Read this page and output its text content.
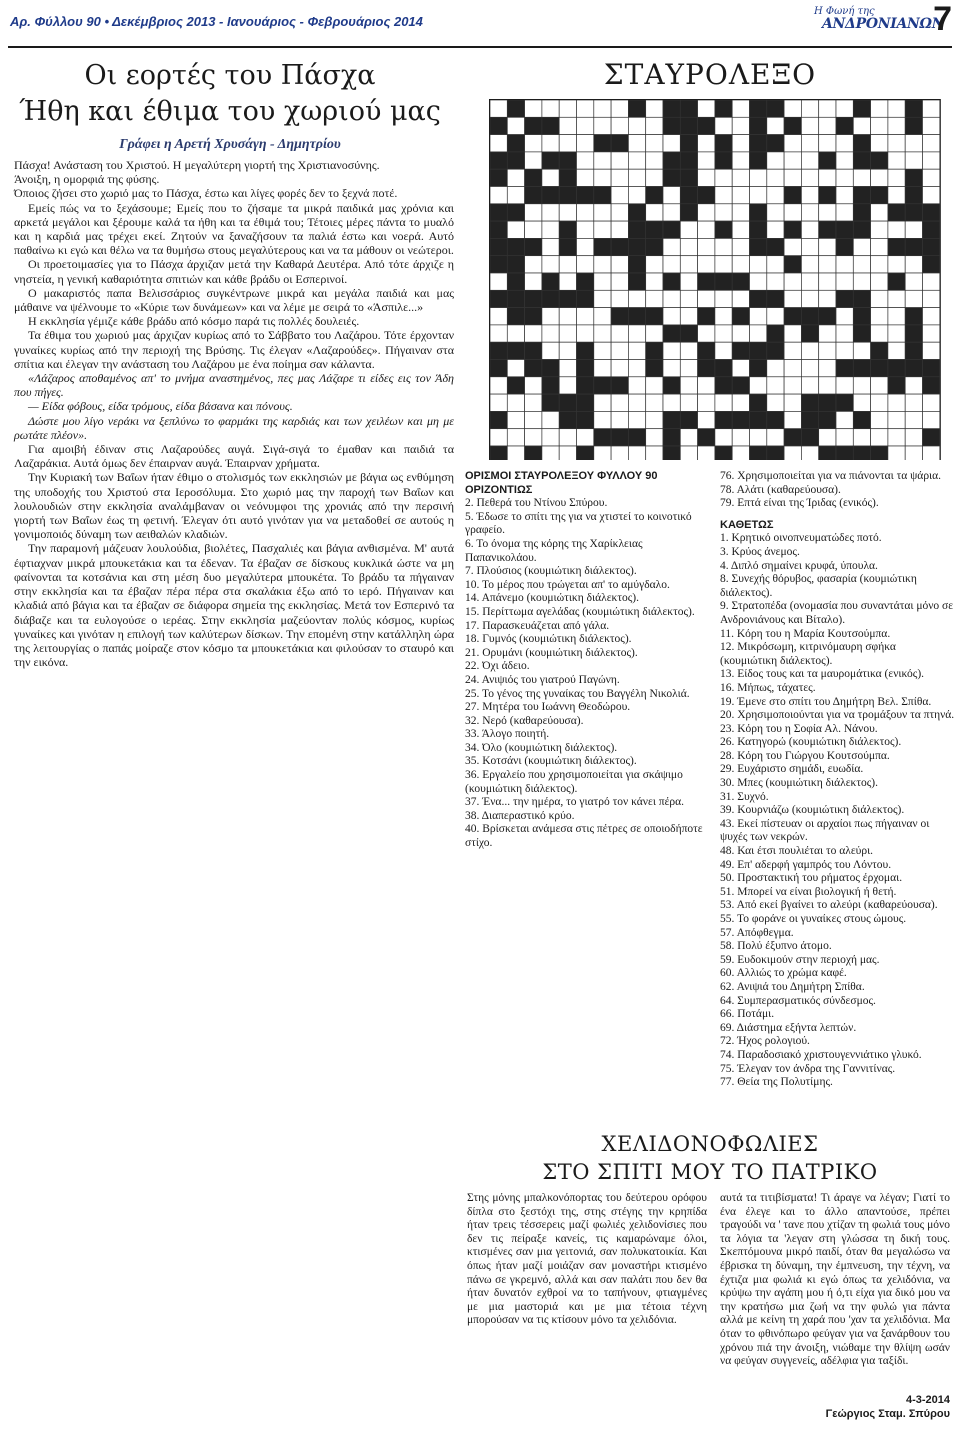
Αρ. Φύλλου 90 • Δεκέμβριος 2013 - Ιανουάριος - Φεβρουάριος 2014
Η Φωνή της
ΑΝΔΡΟΝΙΑΝΩΝ
7
Οι εορτές του Πάσχα
Ήθη και έθιμα του χωριού μας
Γράφει η Αρετή Χρυσάγη - Δημητρίου

Πάσχα! Ανάσταση του Χριστού. Η μεγαλύτερη γιορτή της Χριστιανοσύνης.

Άνοιξη, η ομορφιά της φύσης.

Όποιος ζήσει στο χωριό μας το Πάσχα, έστω και λίγες φορές δεν το ξεχνά ποτέ.

Εμείς πώς να το ξεχάσουμε; Εμείς που το ζήσαμε τα μικρά παιδικά μας χρόνια και αρκετά μεγάλοι και ξέρουμε καλά τα ήθη και τα έθιμά του; Τέτοιες μέρες πάντα το μυαλό και η καρδιά μας τρέχει εκεί. Ζητούν να ξαναζήσουν τα παλιά έστω και νοερά. Αυτό παθαίνω κι εγώ και θέλω να τα θυμήσω στους μεγαλύτερους και να τα μάθουν οι νεώτεροι.

Οι προετοιμασίες για το Πάσχα άρχιζαν μετά την Καθαρά Δευτέρα. Από τότε άρχιζε η νηστεία, η γενική καθαριότητα σπιτιών και κάθε βράδυ οι Εσπερινοί.

Ο μακαριστός παπα Βελισσάριος συγκέντρωνε μικρά και μεγάλα παιδιά και μας μάθαινε να ψέλνουμε το «Κύριε των δυνάμεων» και να λέμε με σειρά το «Άσπιλε...»

Η εκκλησία γέμιζε κάθε βράδυ από κόσμο παρά τις πολλές δουλειές.

Τα έθιμα του χωριού μας άρχιζαν κυρίως από το Σάββατο του Λαζάρου. Τότε έρχονταν γυναίκες κυρίως από την περιοχή της Βρύσης. Τις έλεγαν «Λαζαρούδες». Πήγαιναν στα σπίτια και έλεγαν την ανάσταση του Λαζάρου με ένα ποίημα σαν κάλαντα.

«Λάζαρος αποθαμένος απ' το μνήμα αναστημένος, πες μας Λάζαρε τι είδες εις τον Άδη που πήγες.

— Είδα φόβους, είδα τρόμους, είδα βάσανα και πόνους.

Δώστε μου λίγο νεράκι να ξεπλύνω το φαρμάκι της καρδιάς και των χειλέων και μη με ρωτάτε πλέον».

Για αμοιβή έδιναν στις Λαζαρούδες αυγά. Σιγά-σιγά το έμαθαν και παιδιά τα Λαζαράκια. Αυτά όμως δεν έπαιρναν αυγά. Έπαιρναν χρήματα.

Την Κυριακή των Βαΐων ήταν έθιμο ο στολισμός των εκκλησιών με βάγια ως ενθύμηση της υποδοχής του Χριστού στα Ιεροσόλυμα. Στο χωριό μας την παροχή των Βαΐων και λουλουδιών στην εκκλησία αναλάμβαναν οι νεόνυμφοι της χρονιάς από την περσινή γιορτή των Βαΐων έως τη φετινή. Έλεγαν ότι αυτό γινόταν για να μεταδοθεί σε αυτούς η γονιμοποιός δύναμη των αειθαλών κλαδιών.

Την παραμονή μάζευαν λουλούδια, βιολέτες, Πασχαλιές και βάγια ανθισμένα. Μ' αυτά έφτιαχναν μικρά μπουκετάκια και τα έδεναν. Τα έβαζαν σε δίσκους κυκλικά ώστε να μη φαίνονται τα κοτσάνια και στη μέση δυο μεγαλύτερα μπουκέτα. Το βράδυ τα πήγαιναν στην εκκλησία και τα έβαζαν πέρα πέρα στα σκαλάκια έξω από το ιερό. Πήγαιναν και κλαδιά από βάγια και τα έβαζαν σε διάφορα σημεία της εκκλησίας. Μετά τον Εσπερινό τα διάβαζε και τα ευλογούσε ο ιερέας. Στην εκκλησία μαζεύονταν πολύς κόσμος, κυρίως γυναίκες και γινόταν η επιλογή των καλύτερων δίσκων. Την επομένη στην κατάλληλη ώρα της λειτουργίας ο παπάς μοίραζε στον κόσμο τα μπουκετάκια και φιλούσαν το σταυρό και την εικόνα.

ΣΤΑΥΡΟΛΕΞΟ
ΟΡΙΣΜΟΙ ΣΤΑΥΡΟΛΕΞΟΥ ΦΥΛΛΟΥ 90
ΟΡΙΖΟΝΤΙΩΣ
2. Πεθερά του Ντίνου Σπύρου.
5. Έδωσε το σπίτι της για να χτιστεί το κοινοτικό γραφείο.
6. Το όνομα της κόρης της Χαρίκλειας Παπανικολάου.
7. Πλούσιος (κουμιώτικη διάλεκτος).
10. Το μέρος που τρώγεται απ' το αμύγδαλο.
14. Απάνεμο (κουμιώτικη διάλεκτος).
15. Περίττωμα αγελάδας (κουμιώτικη διάλεκτος).
17. Παρασκευάζεται από γάλα.
18. Γυμνός (κουμιώτικη διάλεκτος).
21. Ορυμάνι (κουμιώτικη διάλεκτος).
22. Όχι άδειο.
24. Ανιψιός του γιατρού Παγώνη.
25. Το γένος της γυναίκας του Βαγγέλη Νικολιά.
27. Μητέρα του Ιωάννη Θεοδώρου.
32. Νερό (καθαρεύουσα).
33. Άλογο ποιητή.
34. Όλο (κουμιώτικη διάλεκτος).
35. Κοτσάνι (κουμιώτικη διάλεκτος).
36. Εργαλείο που χρησιμοποιείται για σκάψιμο (κουμιώτικη διάλεκτος).
37. Ένα... την ημέρα, το γιατρό τον κάνει πέρα.
38. Διαπεραστικό κρύο.
40. Βρίσκεται ανάμεσα στις πέτρες σε οποιοδήποτε στίχο.
76. Χρησιμοποιείται για να πιάνονται τα ψάρια.
78. Αλάτι (καθαρεύουσα).
79. Επτά είναι της Ίριδας (ενικός).
ΚΑΘΕΤΩΣ
1. Κρητικό οινοπνευματώδες ποτό.
3. Κρύος άνεμος.
4. Διπλό σημαίνει κρυφά, ύπουλα.
8. Συνεχής θόρυβος, φασαρία (κουμιώτικη διάλεκτος).
9. Στρατοπέδα (ονομασία που συναντάται μόνο σε Ανδρονιάνους και Βίταλο).
11. Κόρη του η Μαρία Κουτσούμπα.
12. Μικρόσωμη, κιτρινόμαυρη σφήκα (κουμιώτικη διάλεκτος).
13. Είδος τους και τα μαυρομάτικα (ενικός).
16. Μήπως, τάχατες.
19. Έμενε στο σπίτι του Δημήτρη Βελ. Σπίθα.
20. Χρησιμοποιούνται για να τρομάξουν τα πτηνά.
23. Κόρη του η Σοφία Αλ. Νάνου.
26. Κατηγορώ (κουμιώτικη διάλεκτος).
28. Κόρη του Γιώργου Κουτσούμπα.
29. Ευχάριστο σημάδι, ευωδία.
30. Μπες (κουμιώτικη διάλεκτος).
31. Συχνό.
39. Κουρνιάζω (κουμιώτικη διάλεκτος).
43. Εκεί πίστευαν οι αρχαίοι πως πήγαιναν οι ψυχές των νεκρών.
48. Και έτσι πουλιέται το αλεύρι.
49. Επ' αδερφή γαμπρός του Λόντου.
50. Προστακτική του ρήματος έρχομαι.
51. Μπορεί να είναι βιολογική ή θετή.
53. Από εκεί βγαίνει το αλεύρι (καθαρεύουσα).
55. Το φοράνε οι γυναίκες στους ώμους.
57. Απόφθεγμα.
58. Πολύ έξυπνο άτομο.
59. Ευδοκιμούν στην περιοχή μας.
60. Αλλιώς το χρώμα καφέ.
62. Ανιψιά του Δημήτρη Σπίθα.
64. Συμπερασματικός σύνδεσμος.
66. Ποτάμι.
69. Διάστημα εξήντα λεπτών.
72. Ήχος ρολογιού.
74. Παραδοσιακό χριστουγεννιάτικο γλυκό.
75. Έλεγαν τον άνδρα της Γαννιτίνας.
77. Θεία της Πολυτίμης.
ΧΕΛΙΔΟΝΟΦΩΛΙΕΣ
ΣΤΟ ΣΠΙΤΙ ΜΟΥ ΤΟ ΠΑΤΡΙΚΟ
Στης μόνης μπαλκονόπορτας του δεύτερου ορόφου δίπλα στο ξεστόχι της, στης στέγης την κρηπίδα ήταν τρεις τέσσερεις μαζί φωλιές χελιδονίσιες που δεν τις πείραξε κανείς, τις καμαρώναμε όλοι, κτισμένες σαν μια γειτονιά, σαν πολυκατοικία. Και όπως ήταν μαζί μοιάζαν σαν μοναστήρι κτισμένο πάνω σε γκρεμνό, αλλά και σαν παλάτι που δεν θα ήταν δυνατόν εχθροί να το ταπήνουν, φτιαγμένες με μια μαστοριά και με μια τέτοια τέχνη μπορούσαν να τις κτίσουν μόνο τα χελιδόνια.
αυτά τα τιτιβίσματα! Τι άραγε να λέγαν; Γιατί το ένα έλεγε και το άλλο απαντούσε, πρέπει τραγούδι να ' τανε που χτίζαν τη φωλιά τους μόνο τα λόγια τα 'λεγαν στη γλώσσα τη δική τους. Σκεπτόμουνα μικρό παιδί, όταν θα μεγαλώσω να έβρισκα τη δύναμη, την έμπνευση, την τέχνη, να έχτιζα μια φωλιά κι εγώ όπως τα χελιδόνια, να κρύψω την αγάπη μου ή ό,τι είχα για δικό μου να την κρατήσω μια ζωή να την φυλώ για πάντα αλλά με κείνη τη χαρά που 'χαν τα χελιδόνια. Μα όταν το φθινόπωρο φεύγαν για να ξανάρθουν του χρόνου πιά την άνοιξη, νιώθαμε την θλίψη ωσάν να φεύγαν συγγενείς, αδέλφια για ταξίδι.
4-3-2014
Γεώργιος Σταμ. Σπύρου
